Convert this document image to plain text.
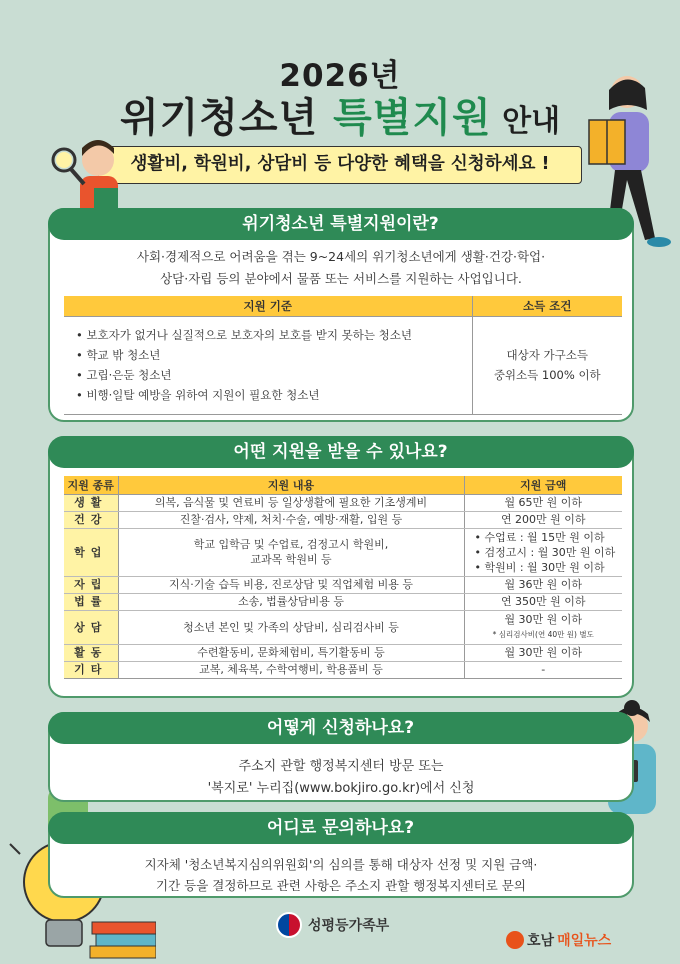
2026년
위기청소년 특별지원 안내
생활비, 학원비, 상담비 등 다양한 혜택을 신청하세요 !
위기청소년 특별지원이란?
사회·경제적으로 어려움을 겪는 9~24세의 위기청소년에게 생활·건강·학업·
상담·자립 등의 분야에서 물품 또는 서비스를 지원하는 사업입니다.
지원 기준	소득 조건

• 보호자가 없거나 실질적으로 보호자의 보호를 받지 못하는 청소년
• 학교 밖 청소년
• 고립·은둔 청소년
• 비행·일탈 예방을 위하여 지원이 필요한 청소년	대상자 가구소득
중위소득 100% 이하
어떤 지원을 받을 수 있나요?
지원 종류	지원 내용	지원 금액
생활	의복, 음식물 및 연료비 등 일상생활에 필요한 기초생계비	월 65만 원 이하
건강	진찰·검사, 약제, 처치·수술, 예방·재활, 입원 등	연 200만 원 이하
학업	학교 입학금 및 수업료, 검정고시 학원비,
교과목 학원비 등	• 수업료 : 월 15만 원 이하
• 검정고시 : 월 30만 원 이하
• 학원비 : 월 30만 원 이하

자립	지식·기술 습득 비용, 진로상담 및 직업체험 비용 등	월 36만 원 이하
법률	소송, 법률상담비용 등	연 350만 원 이하
상담	청소년 본인 및 가족의 상담비, 심리검사비 등	월 30만 원 이하
* 심리검사비(연 40만 원) 별도

활동	수련활동비, 문화체험비, 특기활동비 등	월 30만 원 이하
기타	교복, 체육복, 수학여행비, 학용품비 등	-
어떻게 신청하나요?
주소지 관할 행정복지센터 방문 또는
'복지로' 누리집(www.bokjiro.go.kr)에서 신청
어디로 문의하나요?
지자체 '청소년복지심의위원회'의 심의를 통해 대상자 선정 및 지원 금액·
기간 등을 결정하므로 관련 사항은 주소지 관할 행정복지센터로 문의
성평등가족부
호남 매일뉴스
